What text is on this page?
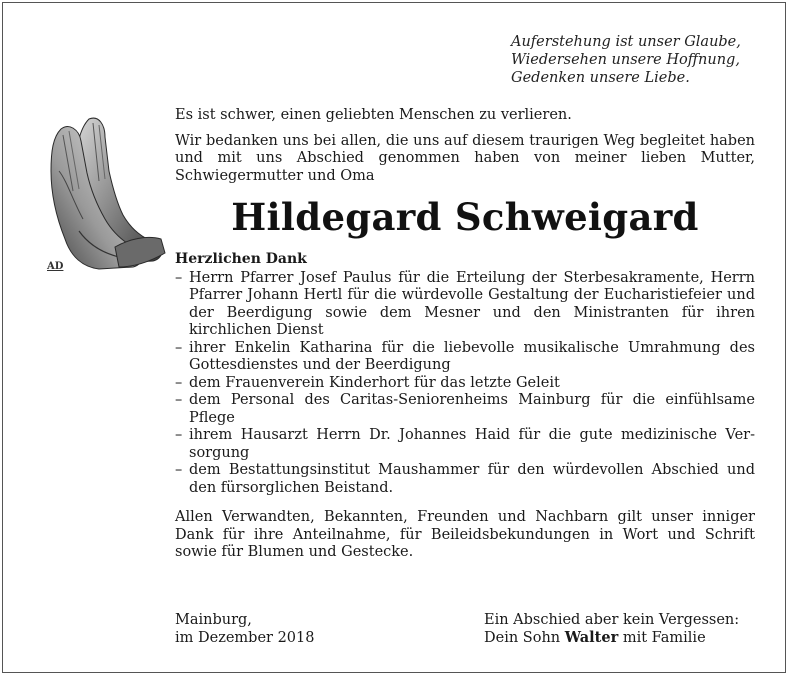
Auferstehung ist unser Glaube,
Wiedersehen unsere Hoffnung,
Gedenken unsere Liebe.
AD

Es ist schwer, einen geliebten Menschen zu verlieren.

Wir bedanken uns bei allen, die uns auf diesem traurigen Weg begleitet haben und mit uns Abschied genommen haben von meiner lieben Mutter, Schwiegermutter und Oma

Hildegard Schweigard
Herzlichen Dank
– Herrn Pfarrer Josef Paulus für die Erteilung der Sterbesakramente, Herrn Pfarrer Johann Hertl für die würdevolle Gestaltung der Eucharistiefeier und der Beerdigung sowie dem Mesner und den Ministranten für ihren kirchlichen Dienst
– ihrer Enkelin Katharina für die liebevolle musikalische Umrahmung des Gottesdienstes und der Beerdigung
– dem Frauenverein Kinderhort für das letzte Geleit
– dem Personal des Caritas-Seniorenheims Mainburg für die einfühlsame Pflege
– ihrem Hausarzt Herrn Dr. Johannes Haid für die gute medizinische Versorgung
– dem Bestattungsinstitut Maushammer für den würdevollen Abschied und den fürsorglichen Beistand.

Allen Verwandten, Bekannten, Freunden und Nachbarn gilt unser inniger Dank für ihre Anteilnahme, für Beileidsbekundungen in Wort und Schrift sowie für Blumen und Gestecke.

Mainburg,
im Dezember 2018
Ein Abschied aber kein Vergessen:
Dein Sohn Walter mit Familie
